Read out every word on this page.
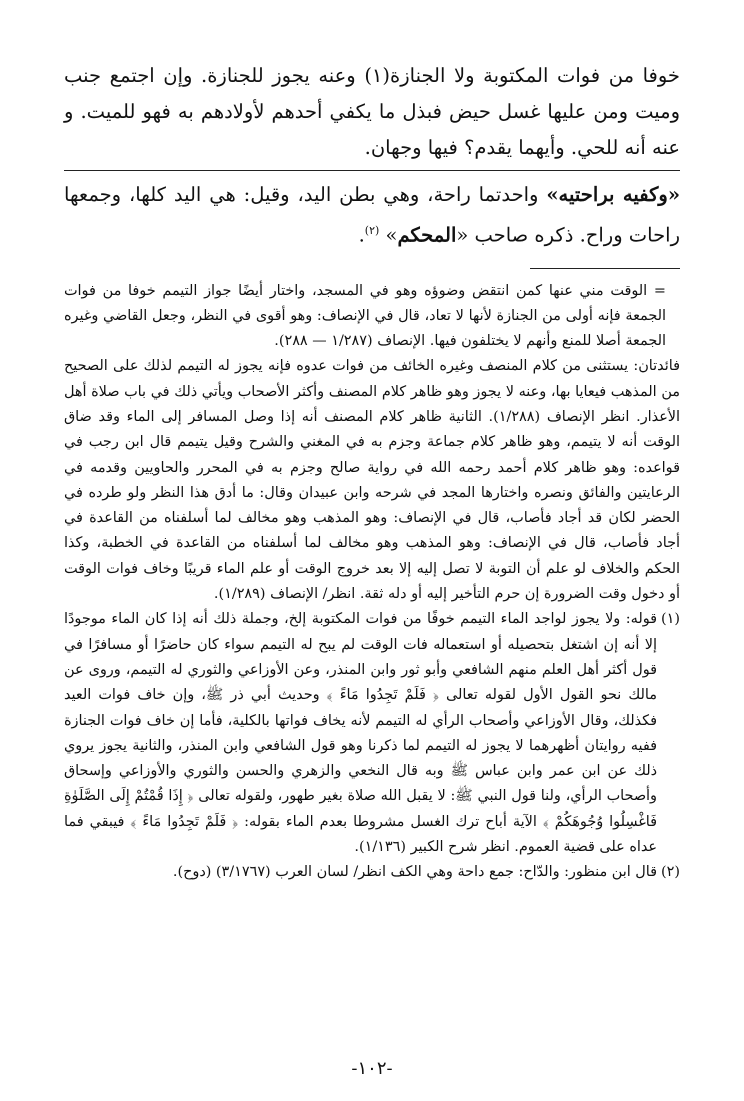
خوفا من فوات المكتوبة ولا الجنازة(١) وعنه يجوز للجنازة. وإن اجتمع جنب وميت ومن عليها غسل حيض فبذل ما يكفي أحدهم لأولادهم به فهو للميت. و عنه أنه للحي. وأيهما يقدم؟ فيها وجهان.

«وكفيه براحتيه» واحدتما راحة، وهي بطن اليد، وقيل: هي اليد كلها، وجمعها راحات وراح. ذكره صاحب «المحكم» $^{(٢)}$.

= الوقت مني عنها كمن انتقض وضوؤه وهو في المسجد، واختار أيضًا جواز التيمم خوفا من فوات الجمعة فإنه أولى من الجنازة لأنها لا تعاد، قال في الإنصاف: وهو أقوى في النظر، وجعل القاضي وغيره الجمعة أصلا للمنع وأنهم لا يختلفون فيها. الإنصاف (١/٢٨٧ — ٢٨٨).

فائدتان: يستثنى من كلام المنصف وغيره الخائف من فوات عدوه فإنه يجوز له التيمم لذلك على الصحيح من المذهب فيعايا بها، وعنه لا يجوز وهو ظاهر كلام المصنف وأكثر الأصحاب ويأتي ذلك في باب صلاة أهل الأعذار. انظر الإنصاف (١/٢٨٨). الثانية ظاهر كلام المصنف أنه إذا وصل المسافر إلى الماء وقد ضاق الوقت أنه لا يتيمم، وهو ظاهر كلام جماعة وجزم به في المغني والشرح وقيل يتيمم قال ابن رجب في قواعده: وهو ظاهر كلام أحمد رحمه الله في رواية صالح وجزم به في المحرر والحاويين وقدمه في الرعايتين والفائق ونصره واختارها المجد في شرحه وابن عبيدان وقال: ما أدق هذا النظر ولو طرده في الحضر لكان قد أجاد فأصاب، قال في الإنصاف: وهو المذهب وهو مخالف لما أسلفناه من القاعدة في أجاد فأصاب، قال في الإنصاف: وهو المذهب وهو مخالف لما أسلفناه من القاعدة في الخطبة، وكذا الحكم والخلاف لو علم أن التوبة لا تصل إليه إلا بعد خروج الوقت أو علم الماء قريبًا وخاف فوات الوقت أو دخول وقت الضرورة إن حرم التأخير إليه أو دله ثقة. انظر/ الإنصاف (١/٢٨٩).

(١)
قوله: ولا يجوز لواجد الماء التيمم خوفًا من فوات المكتوبة إلخ، وجملة ذلك أنه إذا كان الماء موجودًا إلا أنه إن اشتغل بتحصيله أو استعماله فات الوقت لم يبح له التيمم سواء كان حاضرًا أو مسافرًا في قول أكثر أهل العلم منهم الشافعي وأبو ثور وابن المنذر، وعن الأوزاعي والثوري له التيمم، وروى عن مالك نحو القول الأول لقوله تعالى ﴿ فَلَمْ تَجِدُوا مَاءً ﴾ وحديث أبي ذر ﷺ، وإن خاف فوات العيد فكذلك، وقال الأوزاعي وأصحاب الرأي له التيمم لأنه يخاف فواتها بالكلية، فأما إن خاف فوات الجنازة ففيه روايتان أظهرهما لا يجوز له التيمم لما ذكرنا وهو قول الشافعي وابن المنذر، والثانية يجوز يروي ذلك عن ابن عمر وابن عباس ﷺ وبه قال النخعي والزهري والحسن والثوري والأوزاعي وإسحاق وأصحاب الرأي، ولنا قول النبي ﷺ: لا يقبل الله صلاة بغير طهور، ولقوله تعالى ﴿ إِذَا قُمْتُمْ إِلَى الصَّلَوٰةِ فَاغْسِلُوا وُجُوهَكُمْ ﴾ الآية أباح ترك الغسل مشروطا بعدم الماء بقوله: ﴿ فَلَمْ تَجِدُوا مَاءً ﴾ فيبقي فما عداه على قضية العموم. انظر شرح الكبير (١/١٣٦).
(٢)
قال ابن منظور: والدّاح: جمع داحة وهي الكف انظر/ لسان العرب (٣/١٧٦٧) (دوح).
-١٠٢-
